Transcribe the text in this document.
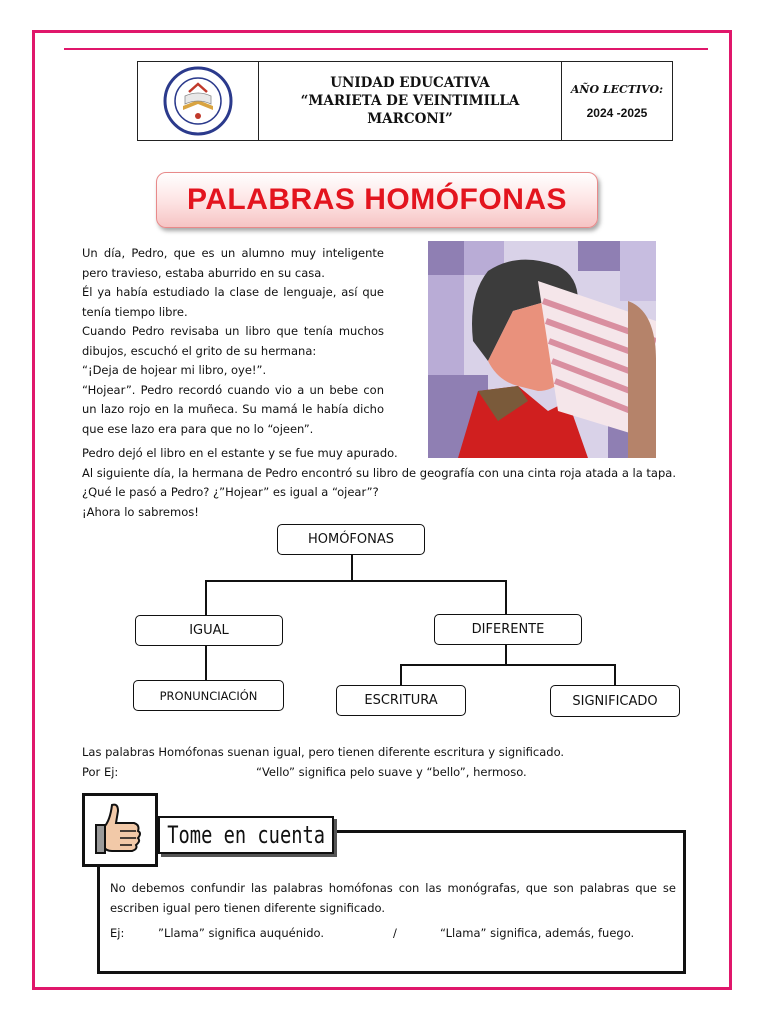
UNIDAD EDUCATIVA
“MARIETA DE VEINTIMILLA MARCONI”
AÑO LECTIVO:
2024 -2025
PALABRAS HOMÓFONAS

Un día, Pedro, que es un alumno muy inteligente pero travieso, estaba aburrido en su casa.

Él ya había estudiado la clase de lenguaje, así que tenía tiempo libre.

Cuando Pedro revisaba un libro que tenía muchos dibujos, escuchó el grito de su hermana:

“¡Deja de hojear mi libro, oye!”.

“Hojear”. Pedro recordó cuando vio a un bebe con un lazo rojo en la muñeca. Su mamá le había dicho que ese lazo era para que no lo “ojeen”.

Pedro dejó el libro en el estante y se fue muy apurado.

Al siguiente día, la hermana de Pedro encontró su libro de geografía con una cinta roja atada a la tapa.

¿Qué le pasó a Pedro? ¿”Hojear” es igual a “ojear”?

¡Ahora lo sabremos!

HOMÓFONAS
IGUAL	DIFERENTE
PRONUNCIACIÓN	ESCRITURA	SIGNIFICADO
Las palabras Homófonas suenan igual, pero tienen diferente escritura y significado.
Por Ej:	“Vello” significa pelo suave y “bello”, hermoso.
Tome en cuenta
No debemos confundir las palabras homófonas con las monógrafas, que son palabras que se escriben igual pero tienen diferente significado.
Ej:	”Llama” significa auquénido.	/	“Llama” significa, además, fuego.
